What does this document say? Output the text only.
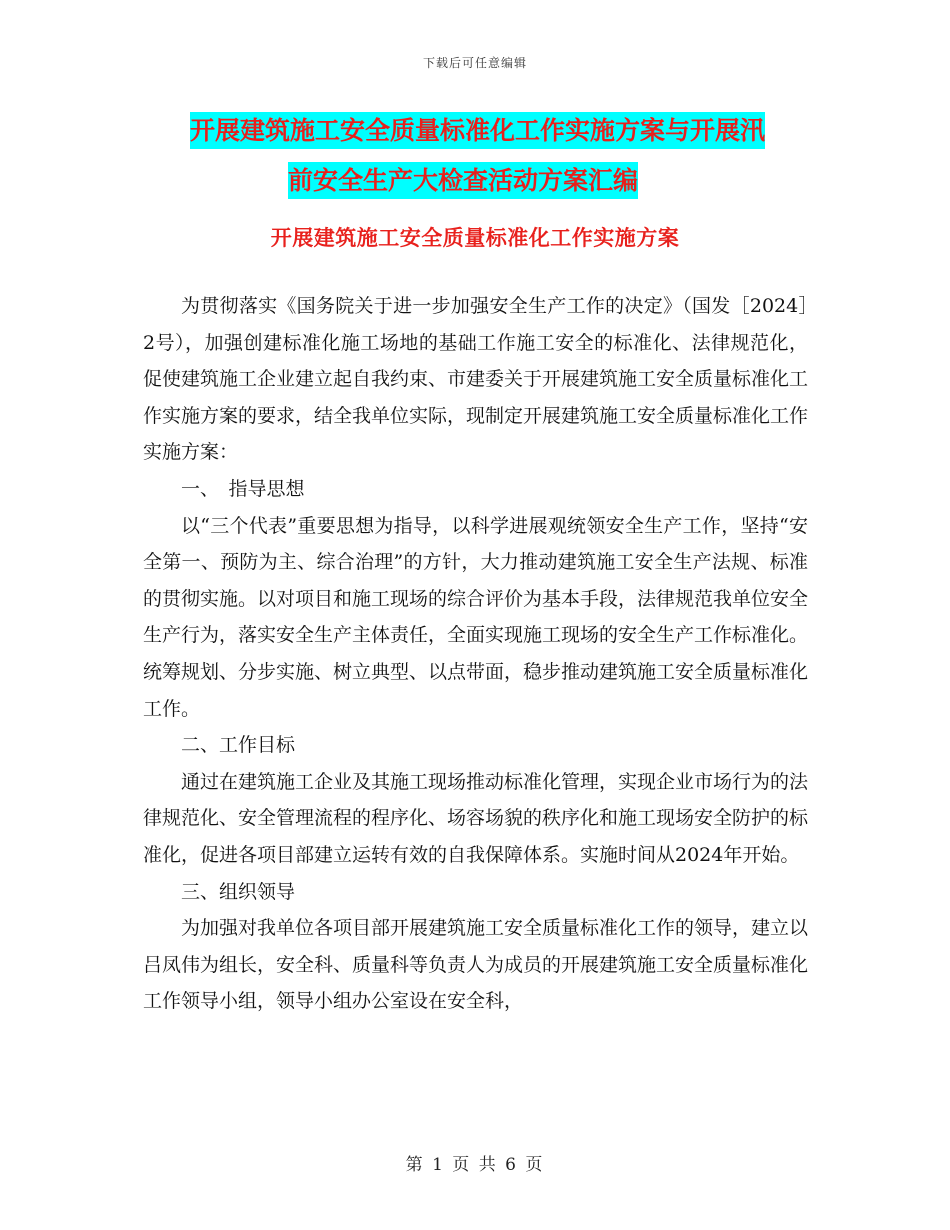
下载后可任意编辑
开展建筑施工安全质量标准化工作实施方案与开展汛
前安全生产大检查活动方案汇编
开展建筑施工安全质量标准化工作实施方案

为贯彻落实《国务院关于进一步加强安全生产工作的决定》（国发［2024］2号），加强创建标准化施工场地的基础工作施工安全的标准化、法律规范化，促使建筑施工企业建立起自我约束、市建委关于开展建筑施工安全质量标准化工作实施方案的要求，结全我单位实际，现制定开展建筑施工安全质量标准化工作实施方案：

一、　指导思想

以“三个代表”重要思想为指导，以科学进展观统领安全生产工作，坚持“安全第一、预防为主、综合治理”的方针，大力推动建筑施工安全生产法规、标准的贯彻实施。以对项目和施工现场的综合评价为基本手段，法律规范我单位安全生产行为，落实安全生产主体责任，全面实现施工现场的安全生产工作标准化。统筹规划、分步实施、树立典型、以点带面，稳步推动建筑施工安全质量标准化工作。

二、工作目标

通过在建筑施工企业及其施工现场推动标准化管理，实现企业市场行为的法律规范化、安全管理流程的程序化、场容场貌的秩序化和施工现场安全防护的标准化，促进各项目部建立运转有效的自我保障体系。实施时间从2024年开始。

三、组织领导

为加强对我单位各项目部开展建筑施工安全质量标准化工作的领导，建立以吕凤伟为组长，安全科、质量科等负责人为成员的开展建筑施工安全质量标准化工作领导小组，领导小组办公室设在安全科，

第 1 页 共 6 页
